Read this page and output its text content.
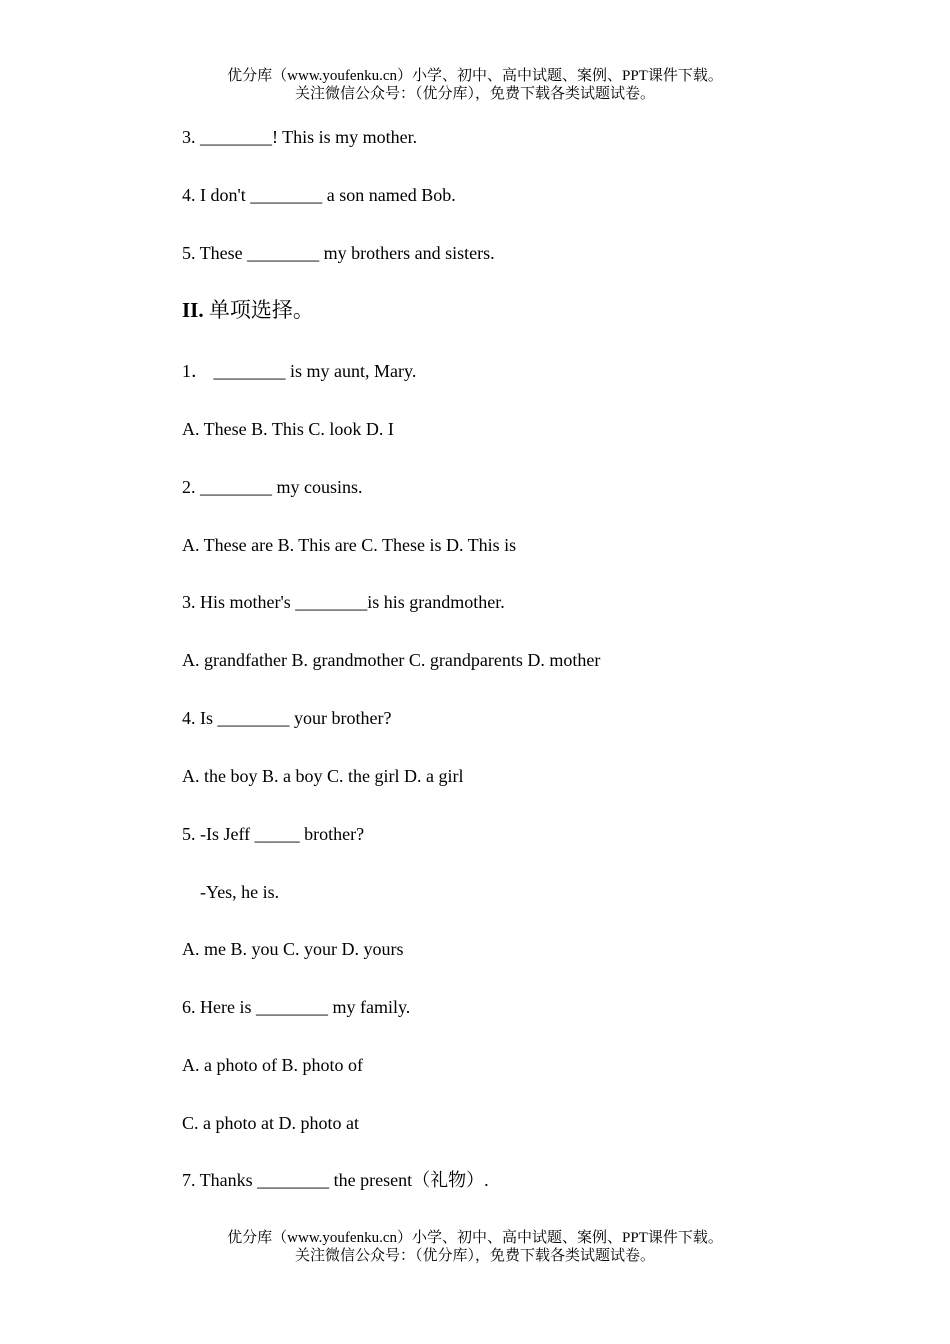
优分库（www.youfenku.cn）小学、初中、高中试题、案例、PPT课件下载。
关注微信公众号：（优分库），免费下载各类试题试卷。
3. ________! This is my mother.
4. I don't ________ a son named Bob.
5. These ________ my brothers and sisters.
II. 单项选择。
1． ________ is my aunt, Mary.
A. These B. This C. look D. I
2. ________ my cousins.
A. These are B. This are C. These is D. This is
3. His mother's ________is his grandmother.
A. grandfather B. grandmother C. grandparents D. mother
4. Is ________ your brother?
A. the boy B. a boy C. the girl D. a girl
5. -Is Jeff _____ brother?
-Yes, he is.
A. me B. you C. your D. yours
6. Here is ________ my family.
A. a photo of B. photo of
C. a photo at D. photo at
7. Thanks ________ the present（礼物）.
优分库（www.youfenku.cn）小学、初中、高中试题、案例、PPT课件下载。
关注微信公众号：（优分库），免费下载各类试题试卷。
